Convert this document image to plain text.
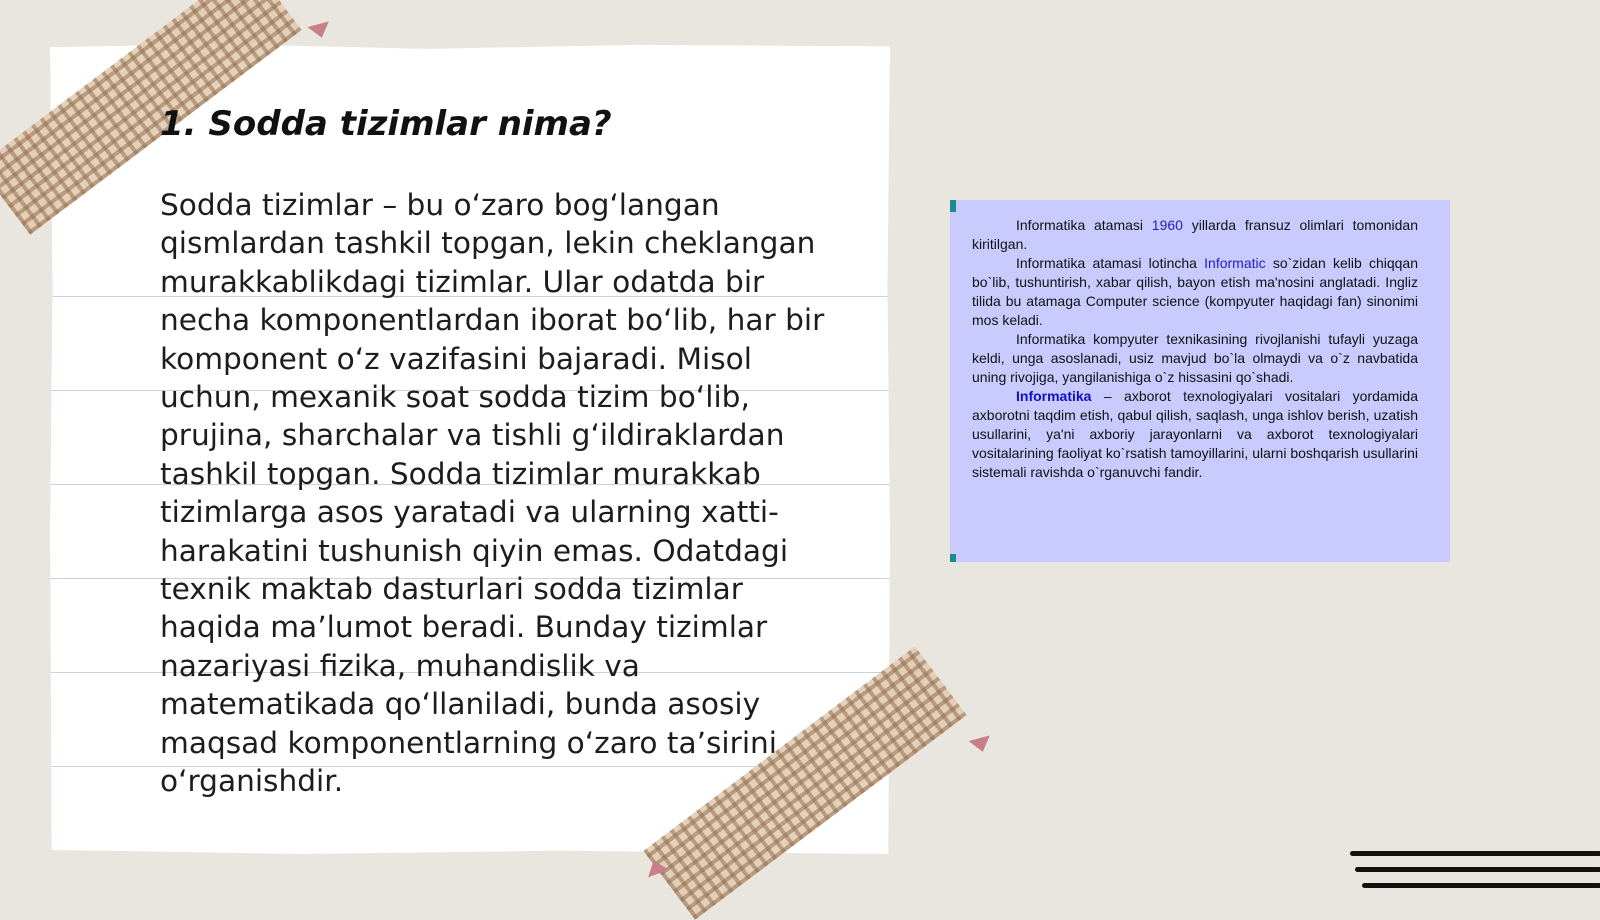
1. Sodda tizimlar nima?

Sodda tizimlar – bu o‘zaro bog‘langan qismlardan tashkil topgan, lekin cheklangan murakkablikdagi tizimlar. Ular odatda bir necha komponentlardan iborat bo‘lib, har bir komponent o‘z vazifasini bajaradi. Misol uchun, mexanik soat sodda tizim bo‘lib, prujina, sharchalar va tishli g‘ildiraklardan tashkil topgan. Sodda tizimlar murakkab tizimlarga asos yaratadi va ularning xatti-harakatini tushunish qiyin emas. Odatdagi texnik maktab dasturlari sodda tizimlar haqida ma’lumot beradi. Bunday tizimlar nazariyasi fizika, muhandislik va matematikada qo‘llaniladi, bunda asosiy maqsad komponentlarning o‘zaro ta’sirini o‘rganishdir.

Informatika atamasi 1960 yillarda fransuz olimlari tomonidan kiritilgan.

Informatika atamasi lotincha Informatic so`zidan kelib chiqqan bo`lib, tushuntirish, xabar qilish, bayon etish ma'nosini anglatadi. Ingliz tilida bu atamaga Computer science (kompyuter haqidagi fan) sinonimi mos keladi.

Informatika kompyuter texnikasining rivojlanishi tufayli yuzaga keldi, unga asoslanadi, usiz mavjud bo`la olmaydi va o`z navbatida uning rivojiga, yangilanishiga o`z hissasini qo`shadi.

Informatika – axborot texnologiyalari vositalari yordamida axborotni taqdim etish, qabul qilish, saqlash, unga ishlov berish, uzatish usullarini, ya'ni axboriy jarayonlarni va axborot texnologiyalari vositalarining faoliyat ko`rsatish tamoyillarini, ularni boshqarish usullarini sistemali ravishda o`rganuvchi fandir.
